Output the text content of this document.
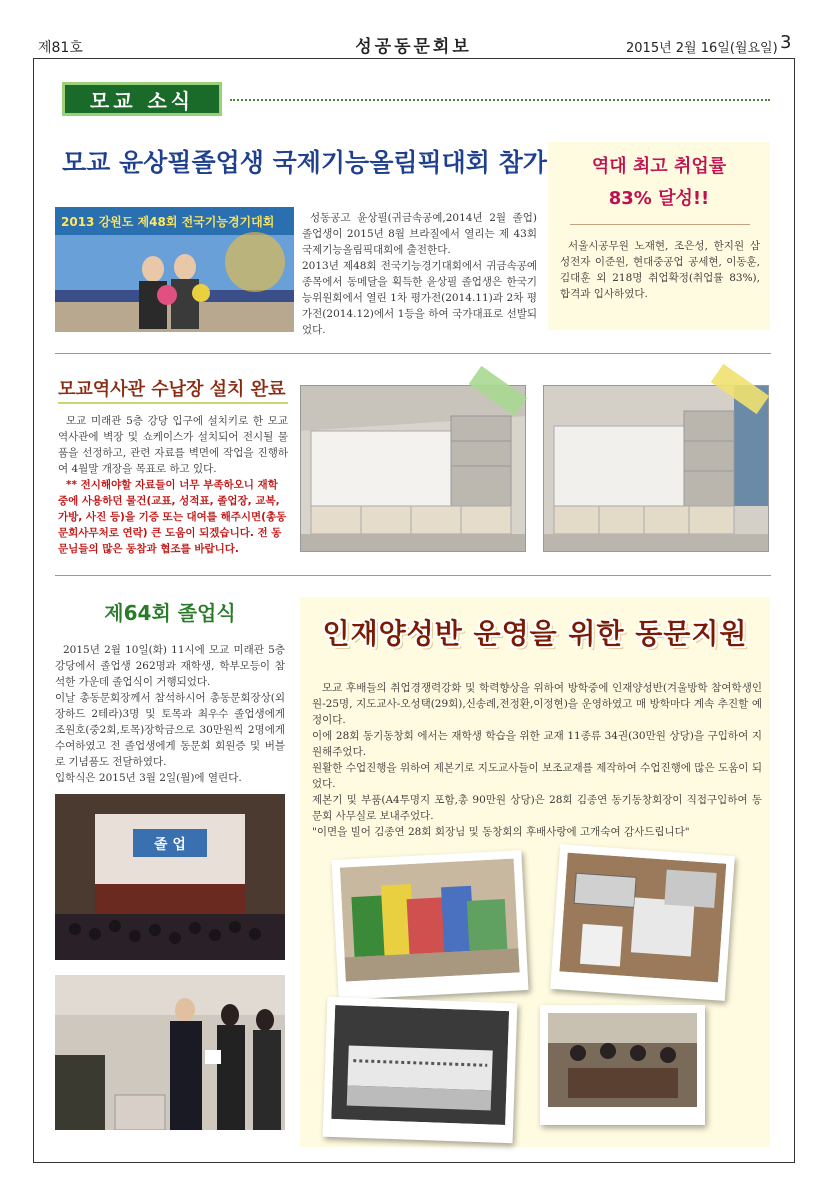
제81호	성공동문회보	2015년 2월 16일(월요일) 3
모교 소식
모교 윤상필졸업생 국제기능올림픽대회 참가
2013 강원도 제48회 전국기능경기대회	성동공고 윤상필(귀금속공예,2014년 2월 졸업) 졸업생이 2015년 8월 브라질에서 열리는 제 43회 국제기능올림픽대회에 출전한다.
2013년 제48회 전국기능경기대회에서 귀금속공예 종목에서 동메달을 획득한 윤상필 졸업생은 한국기능위원회에서 열린 1차 평가전(2014.11)과 2차 평가전(2014.12)에서 1등을 하여 국가대표로 선발되었다.
역대 최고 취업률
83% 달성!!
서울시공무원 노재현, 조은성, 한지원 삼성전자 이준원, 현대중공업 공세현, 이동훈, 김대훈 외 218명 취업확정(취업률 83%), 합격과 입사하였다.
모교역사관 수납장 설치 완료
모교 미래관 5층 강당 입구에 설치키로 한 모교역사관에 벽장 및 쇼케이스가 설치되어 전시될 물품을 선정하고, 관련 자료를 벽면에 작업을 진행하여 4월말 개장을 목표로 하고 있다.
** 전시해야할 자료들이 너무 부족하오니 재학 중에 사용하던 물건(교표, 성적표, 졸업장, 교복, 가방, 사진 등)을 기증 또는 대여를 해주시면(총동문회사무처로 연락) 큰 도움이 되겠습니다. 전 동문님들의 많은 동참과 협조를 바랍니다.
제64회 졸업식
2015년 2월 10일(화) 11시에 모교 미래관 5층 강당에서 졸업생 262명과 재학생, 학부모등이 참석한 가운데 졸업식이 거행되었다.
이날 총동문회장께서 참석하시어 총동문회장상(외장하드 2테라)3명 및 토목과 최우수 졸업생에게 조원호(중2회,토목)장학금으로 30만원씩 2명에게 수여하였고 전 졸업생에게 동문회 회원증 및 버블로 기념품도 전달하였다.
입학식은 2015년 3월 2일(월)에 열린다.
졸 업
인재양성반 운영을 위한 동문지원
모교 후배들의 취업경쟁력강화 및 학력향상을 위하여 방학중에 인재양성반(겨울방학 참여학생인원-25명, 지도교사-오성택(29회),신송례,전정환,이정현)을 운영하였고 매 방학마다 계속 추진할 예정이다.
이에 28회 동기동창회 에서는 재학생 학습을 위한 교재 11종류 34권(30만원 상당)을 구입하여 지원해주었다.
원활한 수업진행을 위하여 제본기로 지도교사들이 보조교재를 제작하여 수업진행에 많은 도움이 되었다.
제본기 및 부품(A4투명지 포함,총 90만원 상당)은 28회 김종연 동기동창회장이 직접구입하여 동문회 사무실로 보내주었다.
"이면을 빌어 김종연 28회 회장님 및 동창회의 후배사랑에 고개숙여 감사드립니다"
